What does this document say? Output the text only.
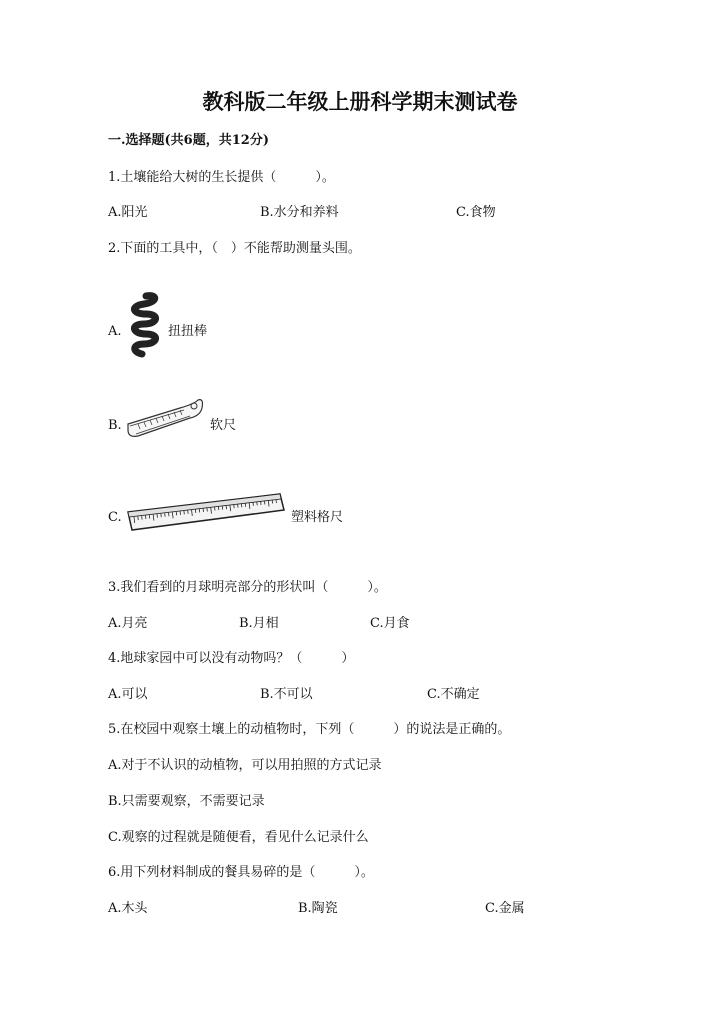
教科版二年级上册科学期末测试卷
一.选择题(共6题，共12分)
1.土壤能给大树的生长提供（　　　）。
A.阳光	B.水分和养料	C.食物
2.下面的工具中，（　）不能帮助测量头围。
A.	扭扭棒
B.	软尺
C.	塑料格尺
3.我们看到的月球明亮部分的形状叫（　　　）。
A.月亮	B.月相	C.月食
4.地球家园中可以没有动物吗？（　　　）
A.可以	B.不可以	C.不确定
5.在校园中观察土壤上的动植物时，下列（　　　）的说法是正确的。
A.对于不认识的动植物，可以用拍照的方式记录
B.只需要观察，不需要记录
C.观察的过程就是随便看，看见什么记录什么
6.用下列材料制成的餐具易碎的是（　　　）。
A.木头	B.陶瓷	C.金属
